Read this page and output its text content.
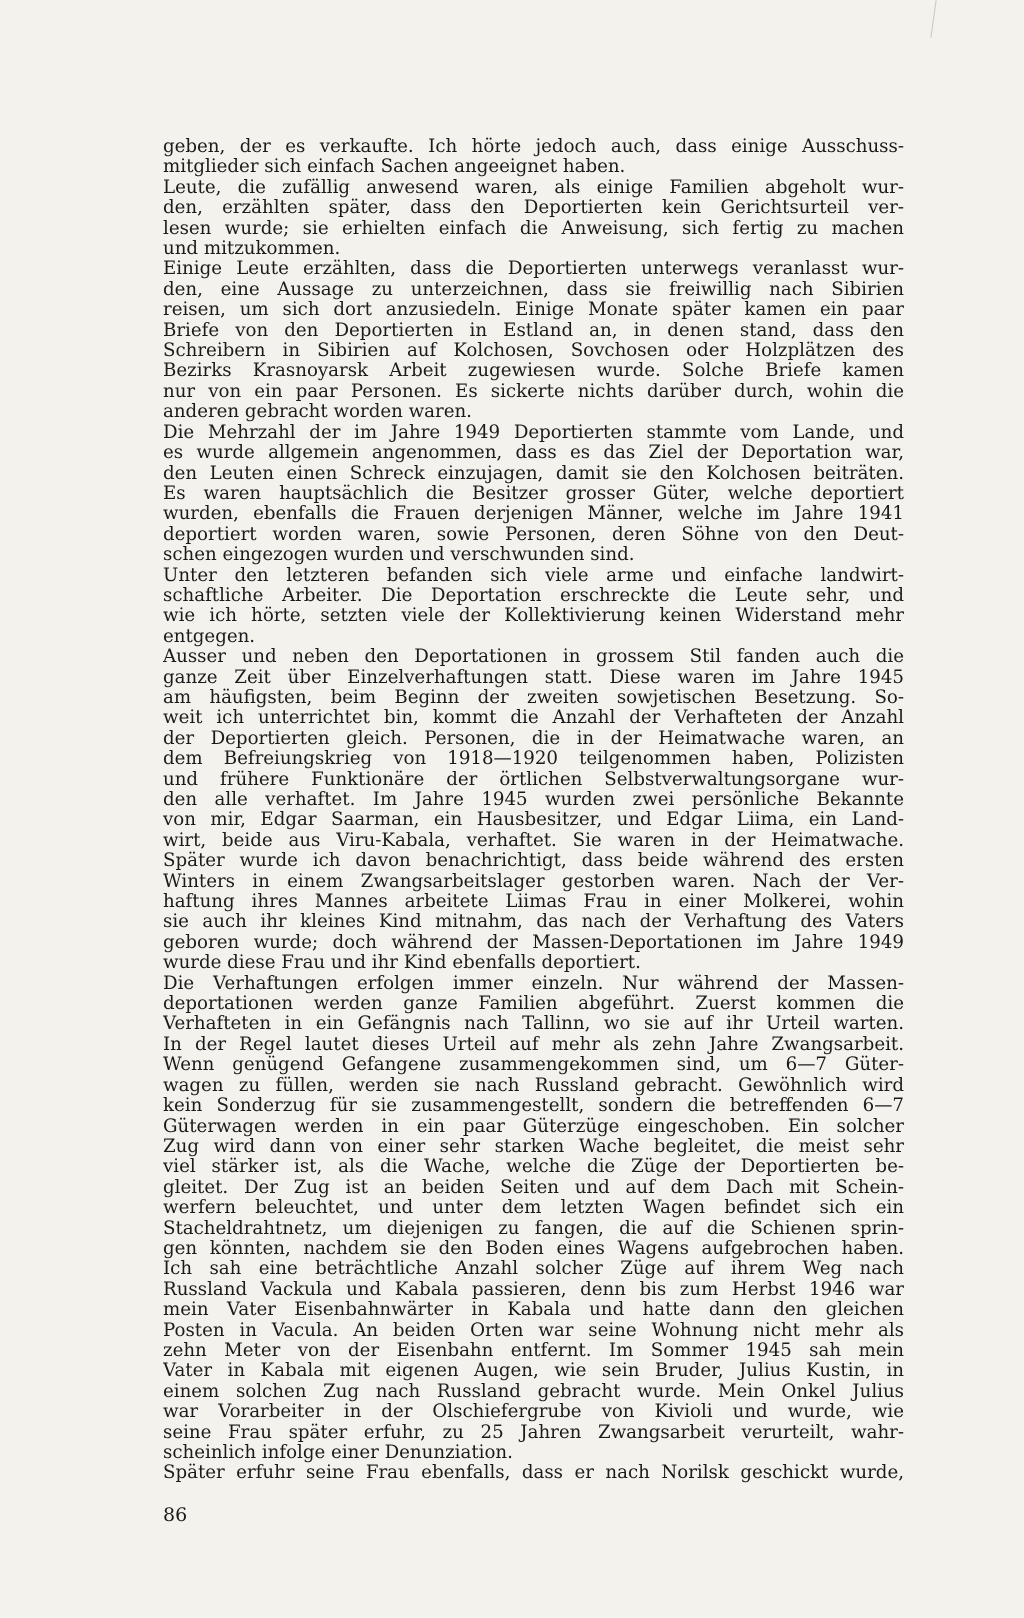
geben, der es verkaufte. Ich hörte jedoch auch, dass einige Ausschuss-
mitglieder sich einfach Sachen angeeignet haben.
Leute, die zufällig anwesend waren, als einige Familien abgeholt wur-
den, erzählten später, dass den Deportierten kein Gerichtsurteil ver-
lesen wurde; sie erhielten einfach die Anweisung, sich fertig zu machen
und mitzukommen.
Einige Leute erzählten, dass die Deportierten unterwegs veranlasst wur-
den, eine Aussage zu unterzeichnen, dass sie freiwillig nach Sibirien
reisen, um sich dort anzusiedeln. Einige Monate später kamen ein paar
Briefe von den Deportierten in Estland an, in denen stand, dass den
Schreibern in Sibirien auf Kolchosen, Sovchosen oder Holzplätzen des
Bezirks Krasnoyarsk Arbeit zugewiesen wurde. Solche Briefe kamen
nur von ein paar Personen. Es sickerte nichts darüber durch, wohin die
anderen gebracht worden waren.
Die Mehrzahl der im Jahre 1949 Deportierten stammte vom Lande, und
es wurde allgemein angenommen, dass es das Ziel der Deportation war,
den Leuten einen Schreck einzujagen, damit sie den Kolchosen beiträten.
Es waren hauptsächlich die Besitzer grosser Güter, welche deportiert
wurden, ebenfalls die Frauen derjenigen Männer, welche im Jahre 1941
deportiert worden waren, sowie Personen, deren Söhne von den Deut-
schen eingezogen wurden und verschwunden sind.
Unter den letzteren befanden sich viele arme und einfache landwirt-
schaftliche Arbeiter. Die Deportation erschreckte die Leute sehr, und
wie ich hörte, setzten viele der Kollektivierung keinen Widerstand mehr
entgegen.
Ausser und neben den Deportationen in grossem Stil fanden auch die
ganze Zeit über Einzelverhaftungen statt. Diese waren im Jahre 1945
am häufigsten, beim Beginn der zweiten sowjetischen Besetzung. So-
weit ich unterrichtet bin, kommt die Anzahl der Verhafteten der Anzahl
der Deportierten gleich. Personen, die in der Heimatwache waren, an
dem Befreiungskrieg von 1918—1920 teilgenommen haben, Polizisten
und frühere Funktionäre der örtlichen Selbstverwaltungsorgane wur-
den alle verhaftet. Im Jahre 1945 wurden zwei persönliche Bekannte
von mir, Edgar Saarman, ein Hausbesitzer, und Edgar Liima, ein Land-
wirt, beide aus Viru-Kabala, verhaftet. Sie waren in der Heimatwache.
Später wurde ich davon benachrichtigt, dass beide während des ersten
Winters in einem Zwangsarbeitslager gestorben waren. Nach der Ver-
haftung ihres Mannes arbeitete Liimas Frau in einer Molkerei, wohin
sie auch ihr kleines Kind mitnahm, das nach der Verhaftung des Vaters
geboren wurde; doch während der Massen-Deportationen im Jahre 1949
wurde diese Frau und ihr Kind ebenfalls deportiert.
Die Verhaftungen erfolgen immer einzeln. Nur während der Massen-
deportationen werden ganze Familien abgeführt. Zuerst kommen die
Verhafteten in ein Gefängnis nach Tallinn, wo sie auf ihr Urteil warten.
In der Regel lautet dieses Urteil auf mehr als zehn Jahre Zwangsarbeit.
Wenn genügend Gefangene zusammengekommen sind, um 6—7 Güter-
wagen zu füllen, werden sie nach Russland gebracht. Gewöhnlich wird
kein Sonderzug für sie zusammengestellt, sondern die betreffenden 6—7
Güterwagen werden in ein paar Güterzüge eingeschoben. Ein solcher
Zug wird dann von einer sehr starken Wache begleitet, die meist sehr
viel stärker ist, als die Wache, welche die Züge der Deportierten be-
gleitet. Der Zug ist an beiden Seiten und auf dem Dach mit Schein-
werfern beleuchtet, und unter dem letzten Wagen befindet sich ein
Stacheldrahtnetz, um diejenigen zu fangen, die auf die Schienen sprin-
gen könnten, nachdem sie den Boden eines Wagens aufgebrochen haben.
Ich sah eine beträchtliche Anzahl solcher Züge auf ihrem Weg nach
Russland Vackula und Kabala passieren, denn bis zum Herbst 1946 war
mein Vater Eisenbahnwärter in Kabala und hatte dann den gleichen
Posten in Vacula. An beiden Orten war seine Wohnung nicht mehr als
zehn Meter von der Eisenbahn entfernt. Im Sommer 1945 sah mein
Vater in Kabala mit eigenen Augen, wie sein Bruder, Julius Kustin, in
einem solchen Zug nach Russland gebracht wurde. Mein Onkel Julius
war Vorarbeiter in der Ölschiefergrube von Kivioli und wurde, wie
seine Frau später erfuhr, zu 25 Jahren Zwangsarbeit verurteilt, wahr-
scheinlich infolge einer Denunziation.
Später erfuhr seine Frau ebenfalls, dass er nach Norilsk geschickt wurde,
86
